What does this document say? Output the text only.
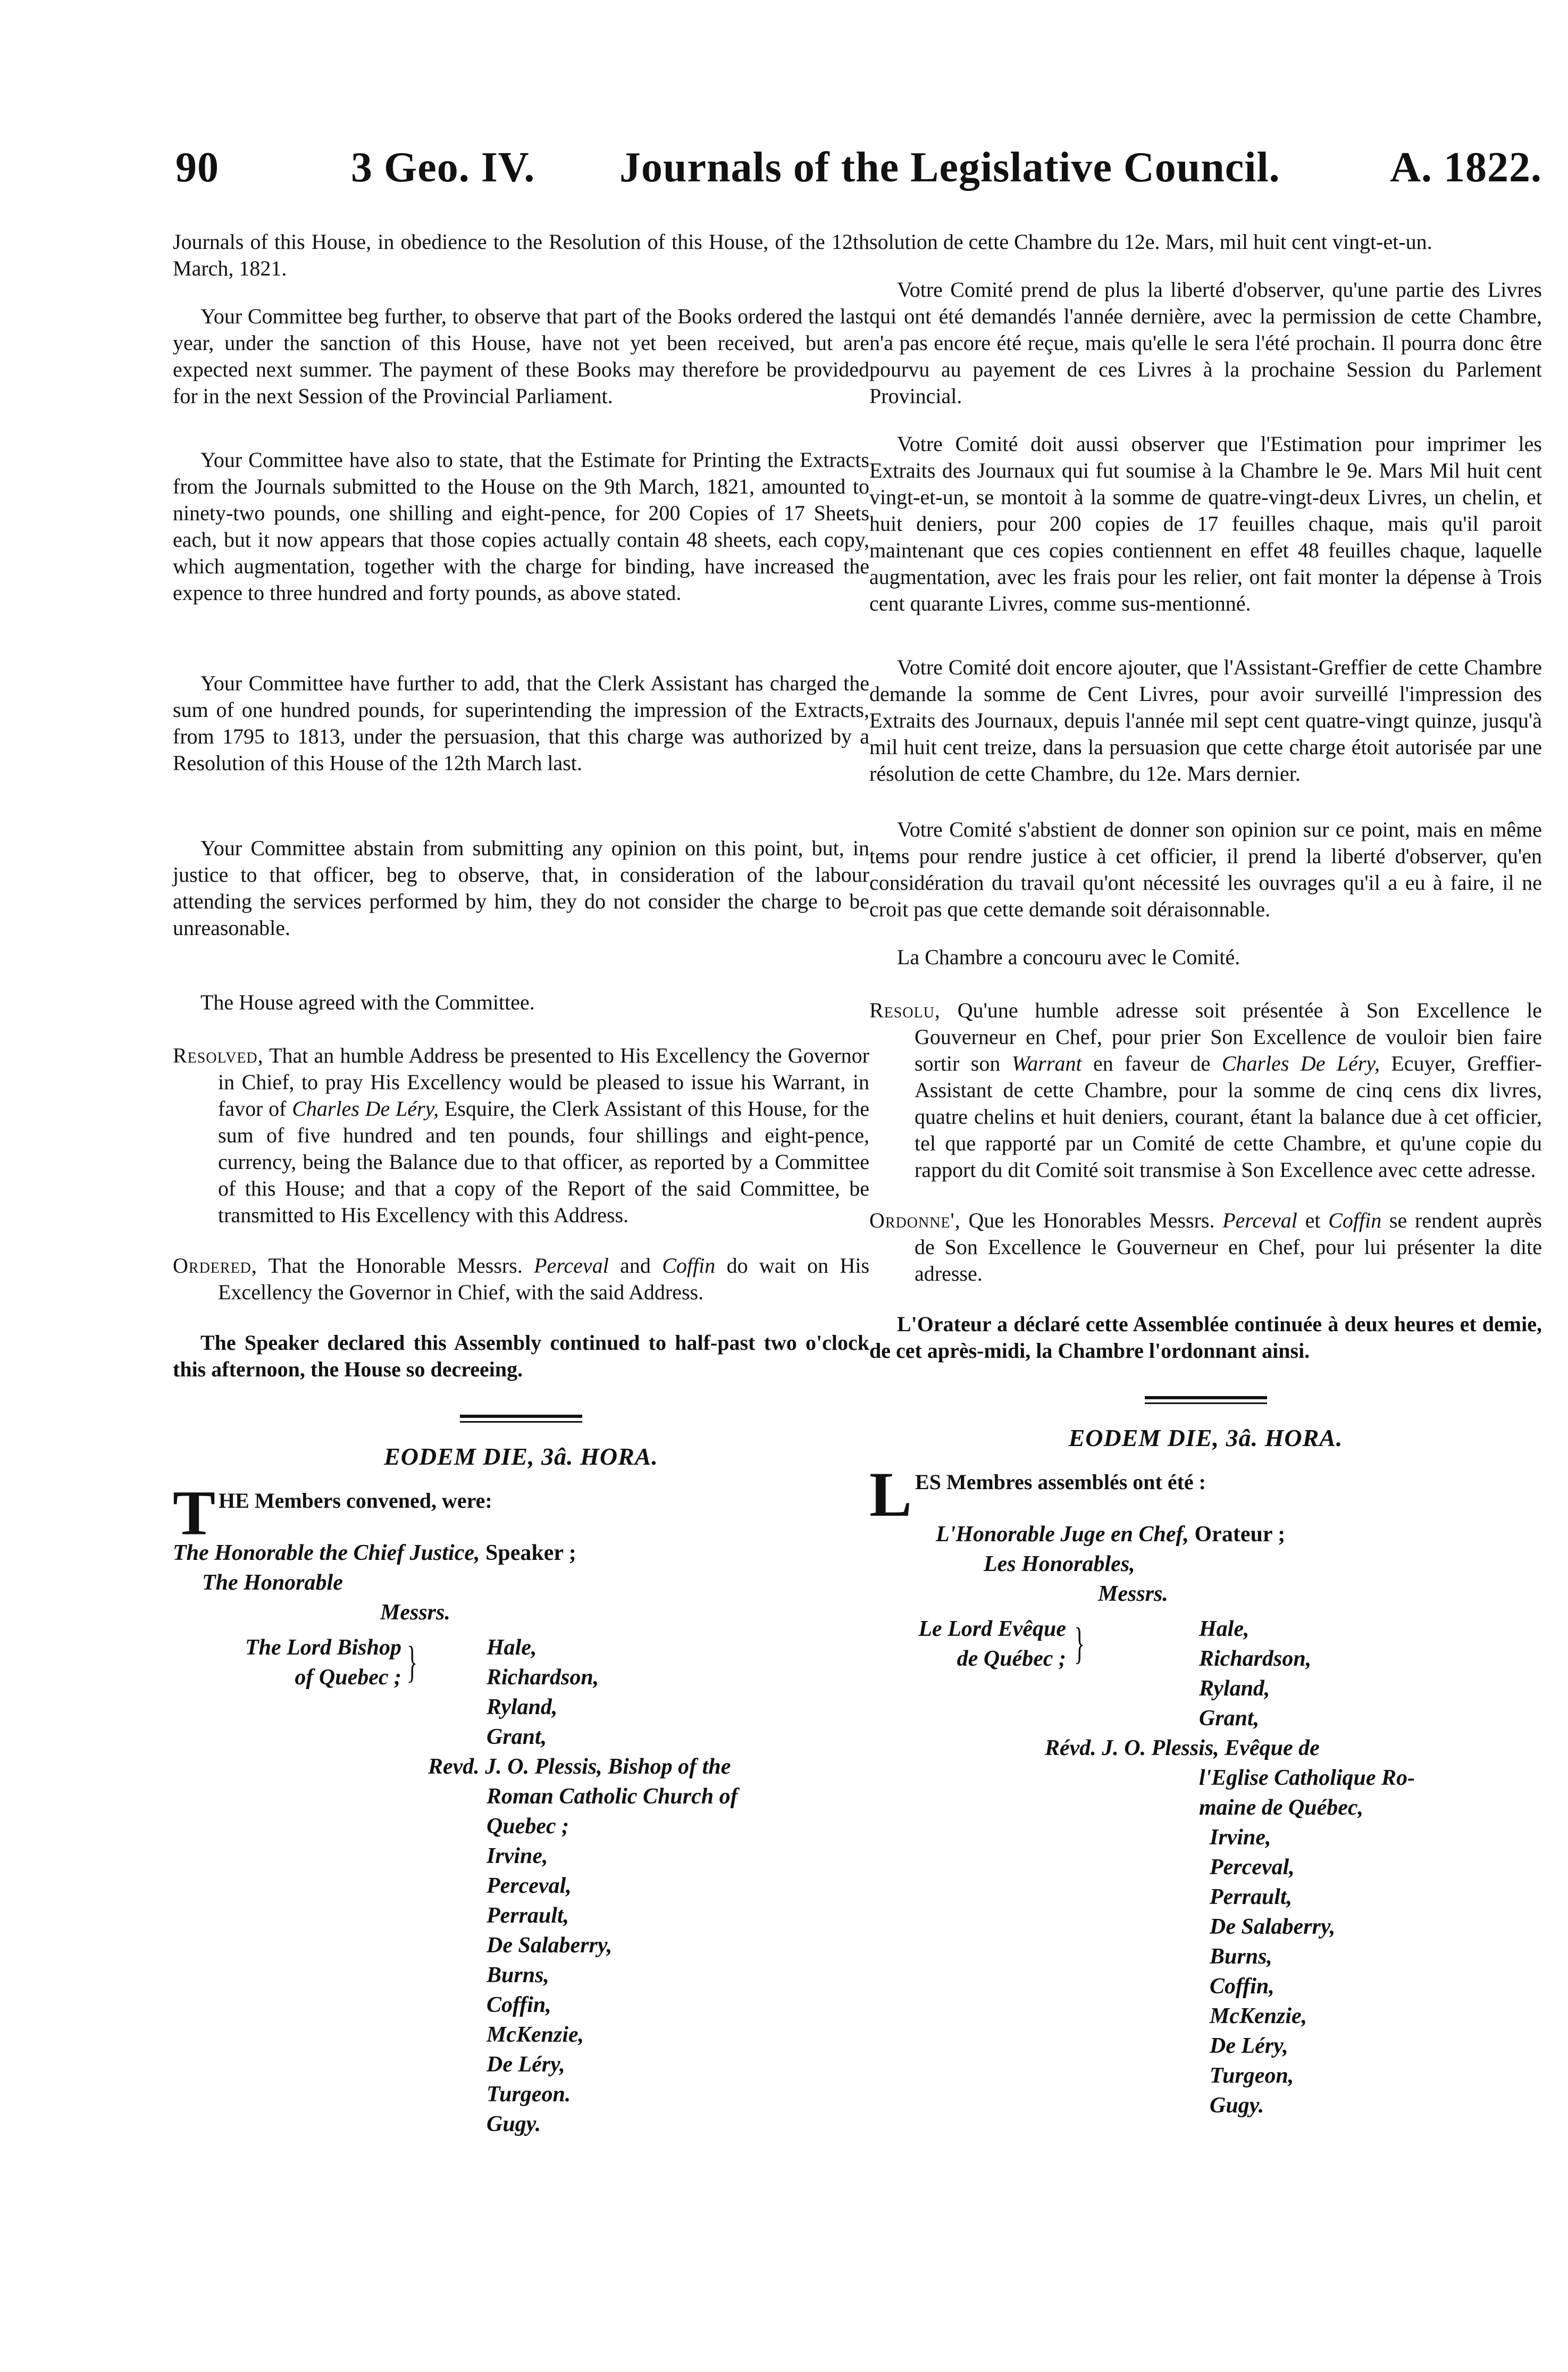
90	3 Geo. IV. Journals of the Legislative Council.	A. 1822.

Journals of this House, in obedience to the Resolution of this House, of the 12th March, 1821.

Your Committee beg further, to observe that part of the Books ordered the last year, under the sanction of this House, have not yet been received, but are expected next summer. The payment of these Books may therefore be provided for in the next Session of the Provincial Parliament.

Your Committee have also to state, that the Estimate for Printing the Extracts from the Journals submitted to the House on the 9th March, 1821, amounted to ninety-two pounds, one shilling and eight-pence, for 200 Copies of 17 Sheets each, but it now appears that those copies actually contain 48 sheets, each copy, which augmentation, together with the charge for binding, have increased the expence to three hundred and forty pounds, as above stated.

Your Committee have further to add, that the Clerk Assistant has charged the sum of one hundred pounds, for superintending the impression of the Extracts, from 1795 to 1813, under the persuasion, that this charge was authorized by a Resolution of this House of the 12th March last.

Your Committee abstain from submitting any opinion on this point, but, in justice to that officer, beg to observe, that, in consideration of the labour attending the services performed by him, they do not consider the charge to be unreasonable.

The House agreed with the Committee.
Resolved, That an humble Address be presented to His Excellency the Governor in Chief, to pray His Excellency would be pleased to issue his Warrant, in favor of Charles De Léry, Esquire, the Clerk Assistant of this House, for the sum of five hundred and ten pounds, four shillings and eight-pence, currency, being the Balance due to that officer, as reported by a Committee of this House; and that a copy of the Report of the said Committee, be transmitted to His Excellency with this Address.
Ordered, That the Honorable Messrs. Perceval and Coffin do wait on His Excellency the Governor in Chief, with the said Address.

The Speaker declared this Assembly continued to half-past two o'clock this afternoon, the House so decreeing.

EODEM DIE, 3â. HORA.
T HE Members convened, were:
The Honorable the Chief Justice, Speaker ;
The Honorable
Messrs.
The Lord Bishop
of Quebec ; }	Hale,
Richardson,
Ryland,
Grant,
Revd. J. O. Plessis, Bishop of the
Roman Catholic Church of
Quebec ;
Irvine,
Perceval,
Perrault,
De Salaberry,
Burns,
Coffin,
McKenzie,
De Léry,
Turgeon.
Gugy.

solution de cette Chambre du 12e. Mars, mil huit cent vingt-et-un.

Votre Comité prend de plus la liberté d'observer, qu'une partie des Livres qui ont été demandés l'année dernière, avec la permission de cette Chambre, n'a pas encore été reçue, mais qu'elle le sera l'été prochain. Il pourra donc être pourvu au payement de ces Livres à la prochaine Session du Parlement Provincial.

Votre Comité doit aussi observer que l'Estimation pour imprimer les Extraits des Journaux qui fut soumise à la Chambre le 9e. Mars Mil huit cent vingt-et-un, se montoit à la somme de quatre-vingt-deux Livres, un chelin, et huit deniers, pour 200 copies de 17 feuilles chaque, mais qu'il paroit maintenant que ces copies contiennent en effet 48 feuilles chaque, laquelle augmentation, avec les frais pour les relier, ont fait monter la dépense à Trois cent quarante Livres, comme sus-mentionné.

Votre Comité doit encore ajouter, que l'Assistant-Greffier de cette Chambre demande la somme de Cent Livres, pour avoir surveillé l'impression des Extraits des Journaux, depuis l'année mil sept cent quatre-vingt quinze, jusqu'à mil huit cent treize, dans la persuasion que cette charge étoit autorisée par une résolution de cette Chambre, du 12e. Mars dernier.

Votre Comité s'abstient de donner son opinion sur ce point, mais en même tems pour rendre justice à cet officier, il prend la liberté d'observer, qu'en considération du travail qu'ont nécessité les ouvrages qu'il a eu à faire, il ne croit pas que cette demande soit déraisonnable.

La Chambre a concouru avec le Comité.
Resolu, Qu'une humble adresse soit présentée à Son Excellence le Gouverneur en Chef, pour prier Son Excellence de vouloir bien faire sortir son Warrant en faveur de Charles De Léry, Ecuyer, Greffier-Assistant de cette Chambre, pour la somme de cinq cens dix livres, quatre chelins et huit deniers, courant, étant la balance due à cet officier, tel que rapporté par un Comité de cette Chambre, et qu'une copie du rapport du dit Comité soit transmise à Son Excellence avec cette adresse.
Ordonne', Que les Honorables Messrs. Perceval et Coffin se rendent auprès de Son Excellence le Gouverneur en Chef, pour lui présenter la dite adresse.

L'Orateur a déclaré cette Assemblée continuée à deux heures et demie, de cet après-midi, la Chambre l'ordonnant ainsi.

EODEM DIE, 3â. HORA.
L ES Membres assemblés ont été :
L'Honorable Juge en Chef, Orateur ;
Les Honorables,
Messrs.
Le Lord Evêque
de Québec ; }	Hale,
Richardson,
Ryland,
Grant,
Révd. J. O. Plessis, Evêque de
l'Eglise Catholique Ro-
maine de Québec,
Irvine,
Perceval,
Perrault,
De Salaberry,
Burns,
Coffin,
McKenzie,
De Léry,
Turgeon,
Gugy.
